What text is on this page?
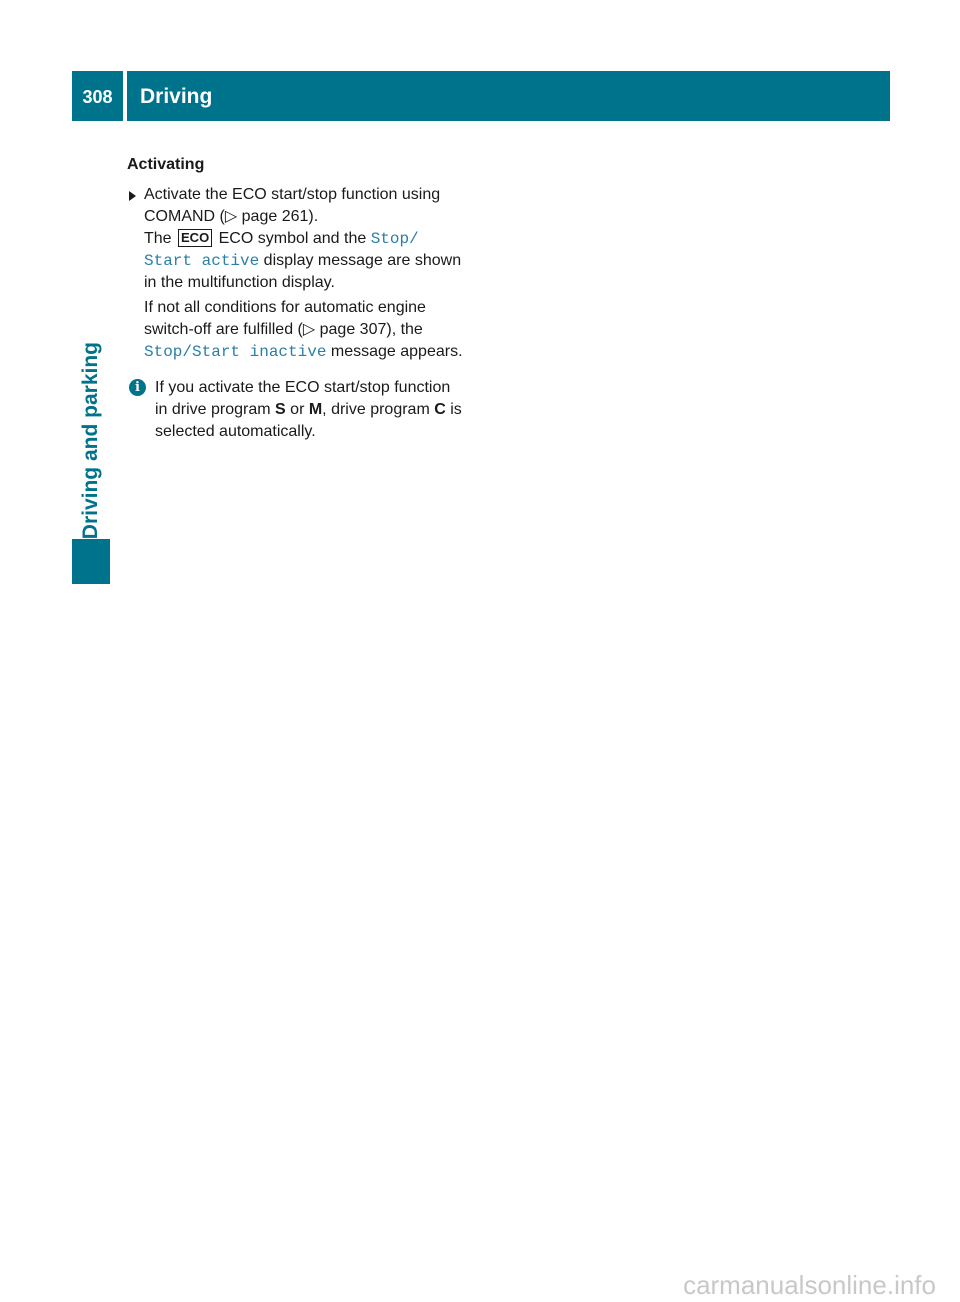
308	Driving
Driving and parking
Activating

Activate the ECO start/stop function using COMAND (▷ page 261).
The ECO ECO symbol and the Stop/ Start active display message are shown in the multifunction display.

If not all conditions for automatic engine switch-off are fulfilled (▷ page 307), the Stop/Start inactive message appears.

i If you activate the ECO start/stop function in drive program S or M, drive program C is selected automatically.

carmanualsonline.info
